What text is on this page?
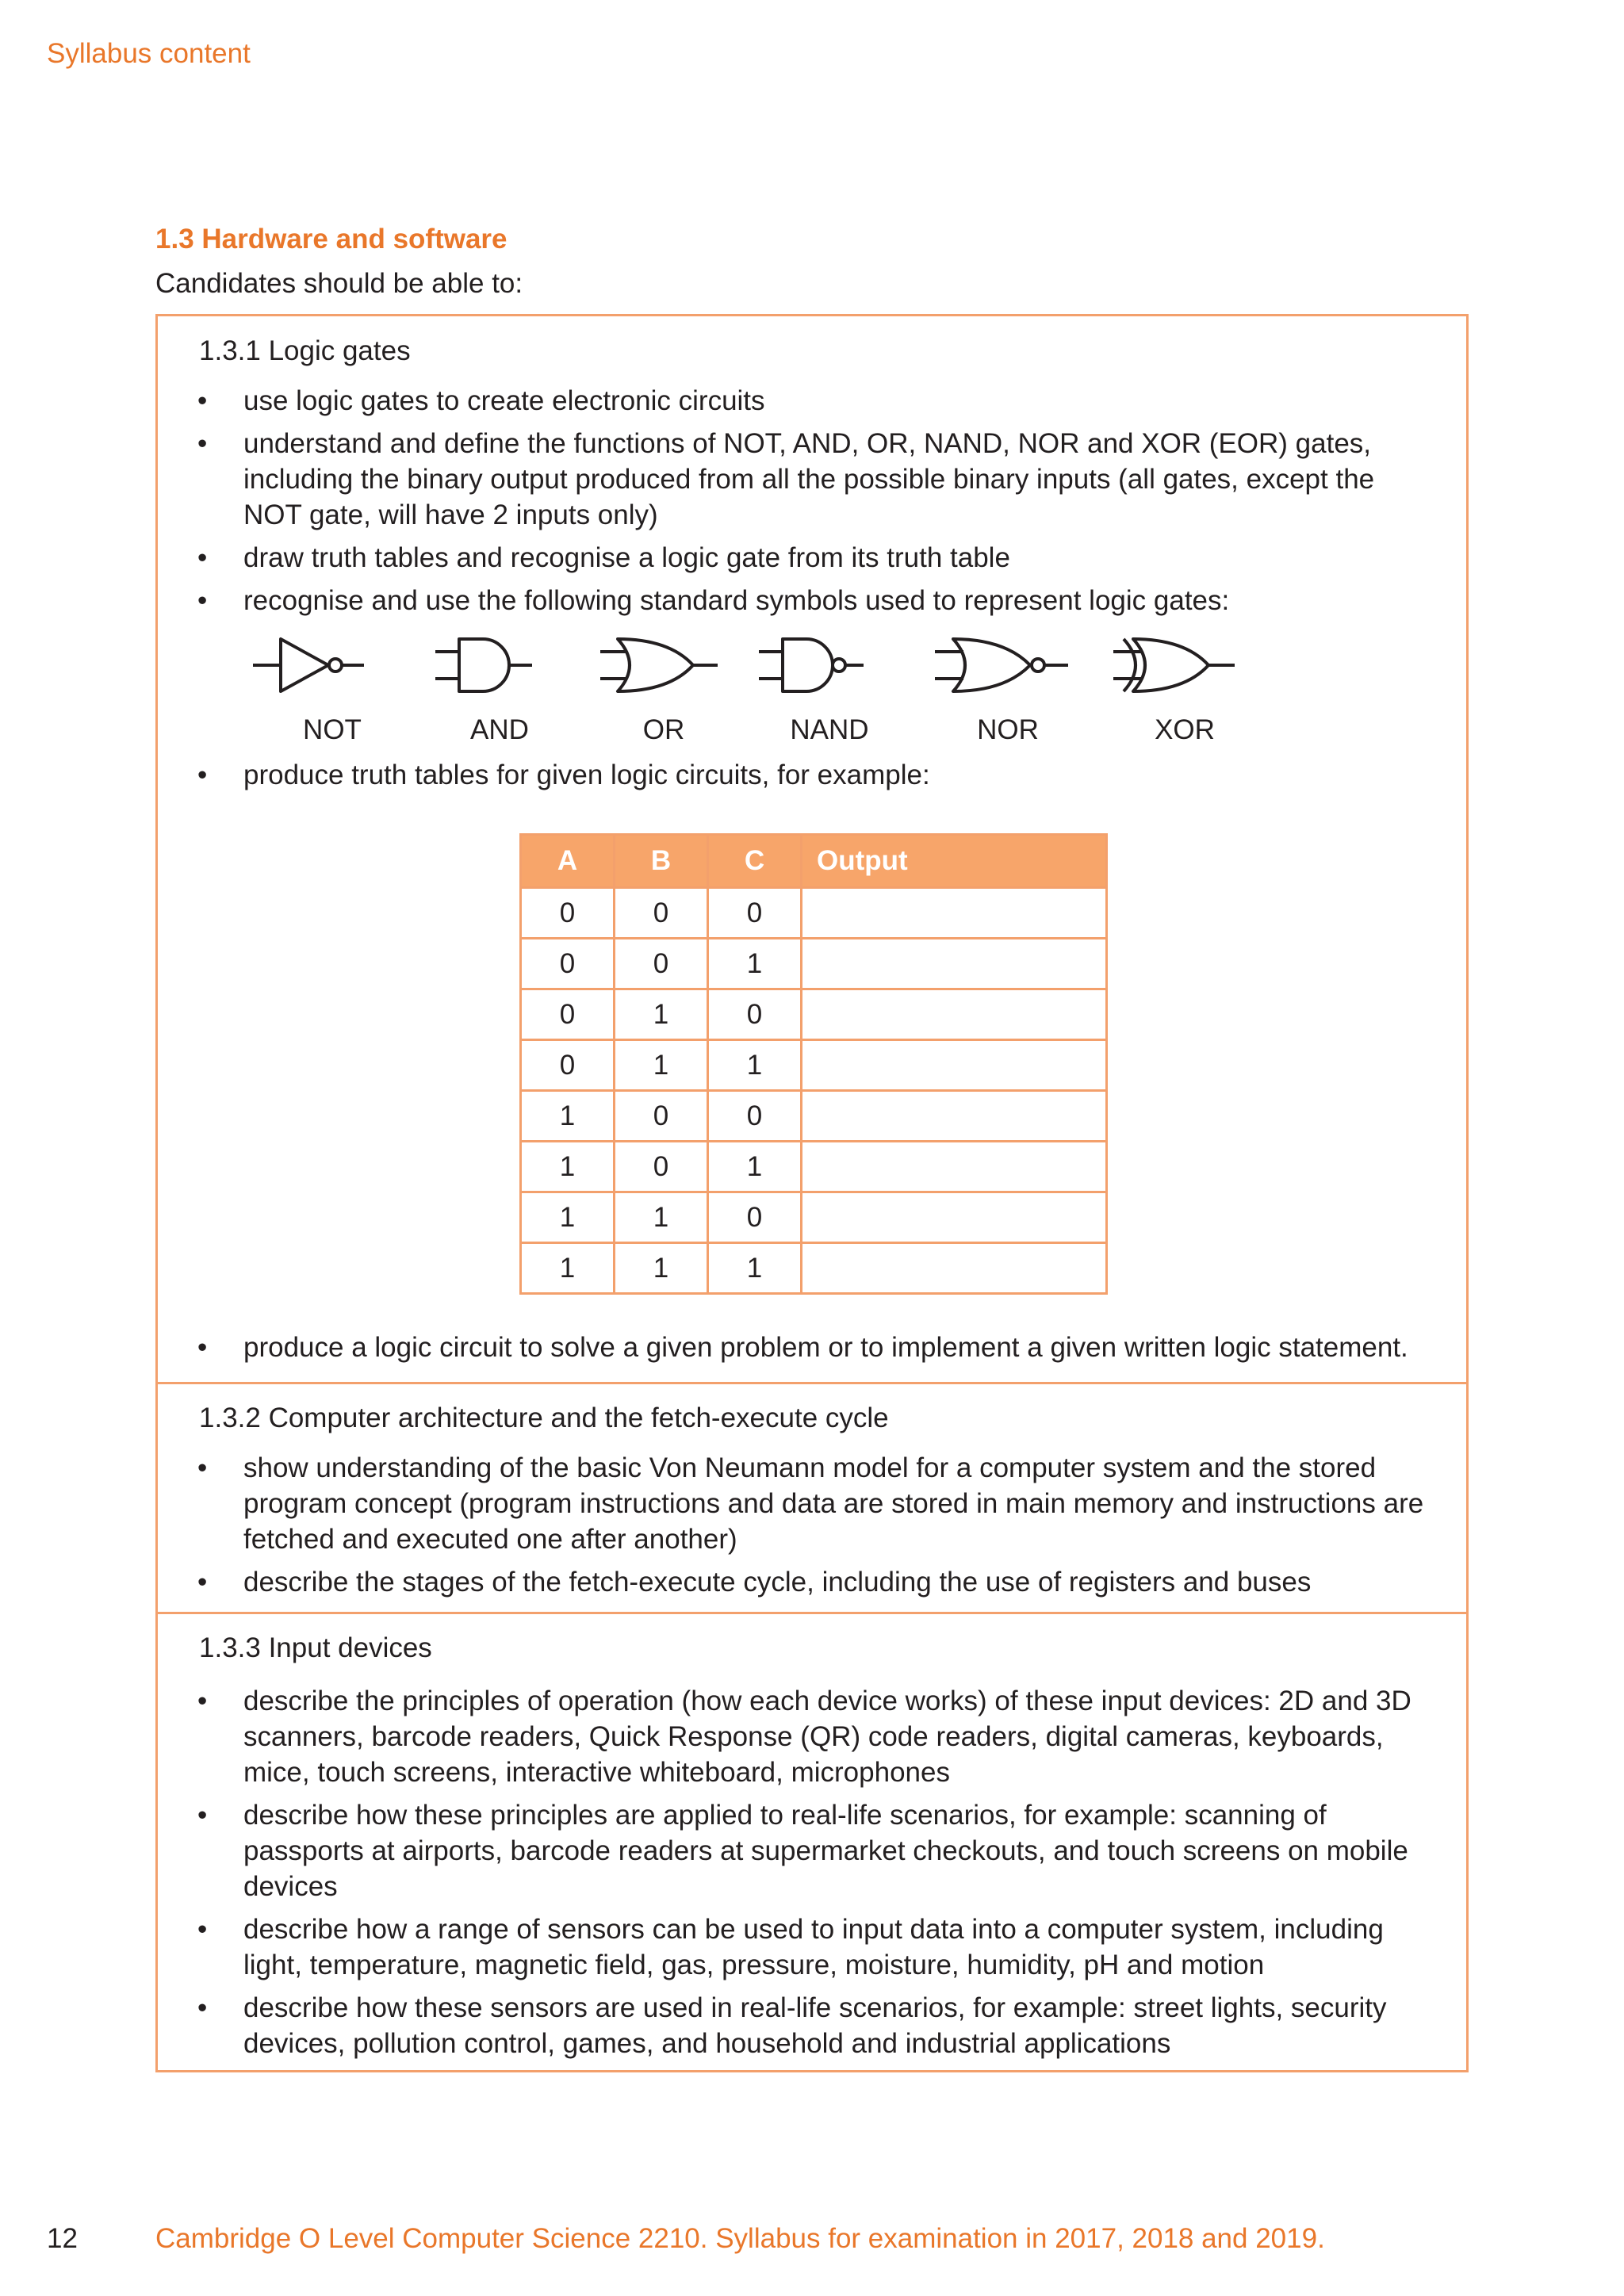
Syllabus content
1.3 Hardware and software
Candidates should be able to:
1.3.1 Logic gates
• use logic gates to create electronic circuits
• understand and define the functions of NOT, AND, OR, NAND, NOR and XOR (EOR) gates, including the binary output produced from all the possible binary inputs (all gates, except the NOT gate, will have 2 inputs only)
• draw truth tables and recognise a logic gate from its truth table
• recognise and use the following standard symbols used to represent logic gates:
NOT	AND	OR	NAND	NOR	XOR
• produce truth tables for given logic circuits, for example:
A	B	C	Output
0	0	0	
0	0	1	
0	1	0	
0	1	1	
1	0	0	
1	0	1	
1	1	0	
1	1	1	
• produce a logic circuit to solve a given problem or to implement a given written logic statement.
1.3.2 Computer architecture and the fetch-execute cycle
• show understanding of the basic Von Neumann model for a computer system and the stored program concept (program instructions and data are stored in main memory and instructions are fetched and executed one after another)
• describe the stages of the fetch-execute cycle, including the use of registers and buses
1.3.3 Input devices
• describe the principles of operation (how each device works) of these input devices: 2D and 3D scanners, barcode readers, Quick Response (QR) code readers, digital cameras, keyboards, mice, touch screens, interactive whiteboard, microphones
• describe how these principles are applied to real-life scenarios, for example: scanning of passports at airports, barcode readers at supermarket checkouts, and touch screens on mobile devices
• describe how a range of sensors can be used to input data into a computer system, including light, temperature, magnetic field, gas, pressure, moisture, humidity, pH and motion
• describe how these sensors are used in real-life scenarios, for example: street lights, security devices, pollution control, games, and household and industrial applications
12	Cambridge O Level Computer Science 2210. Syllabus for examination in 2017, 2018 and 2019.
